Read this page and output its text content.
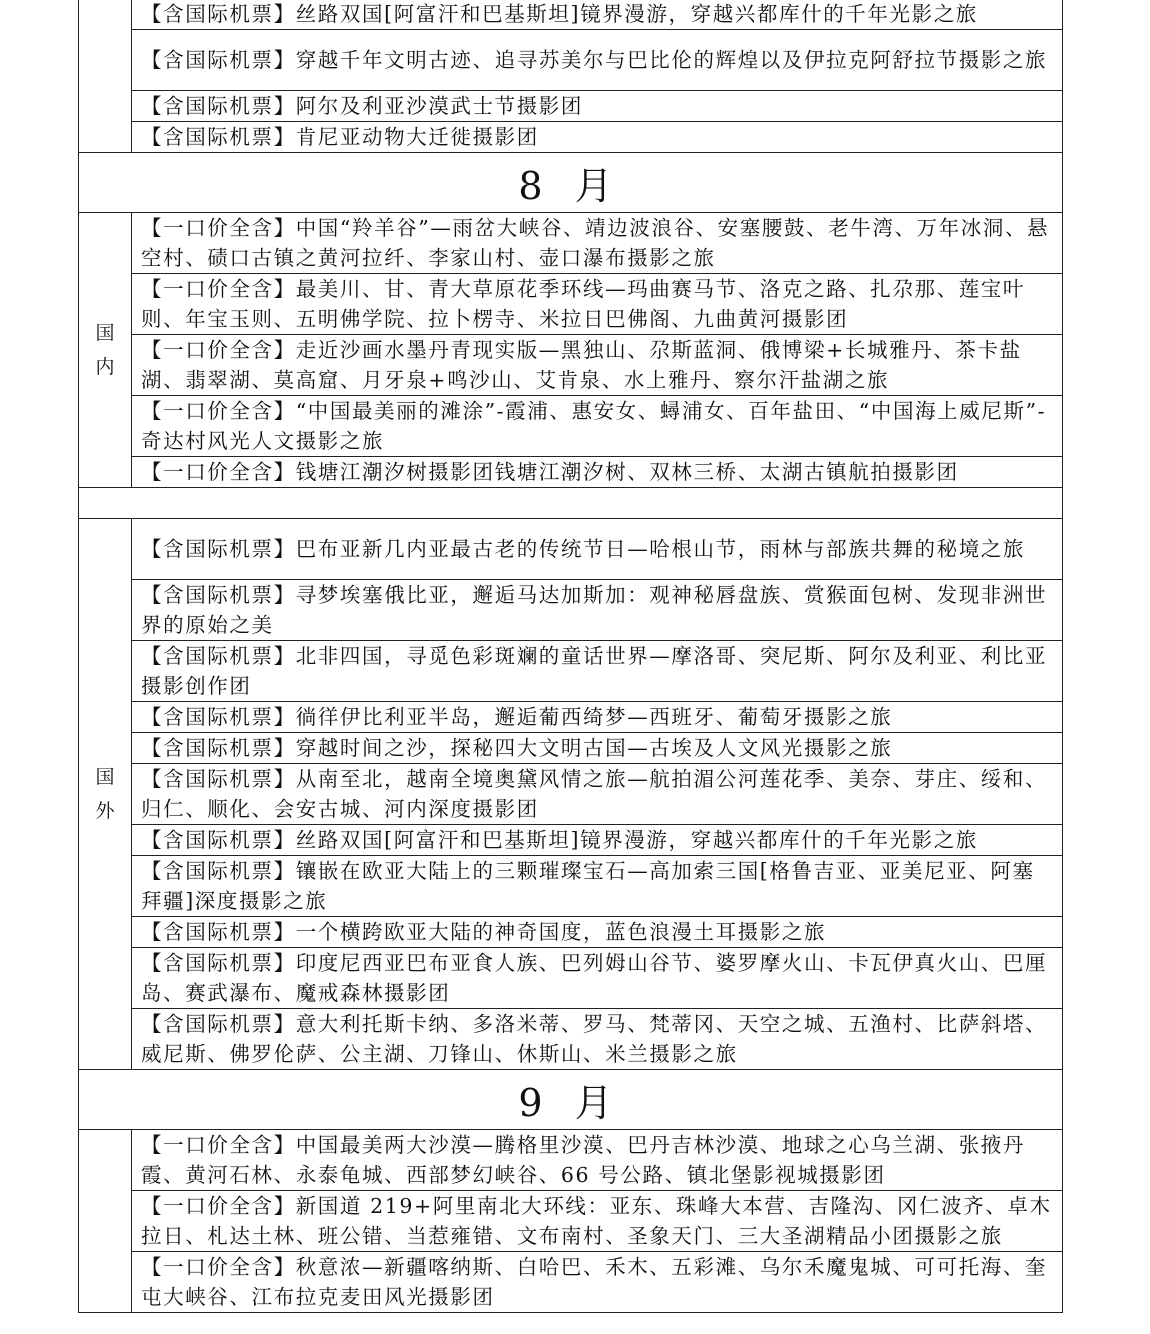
	【含国际机票】丝路双国[阿富汗和巴基斯坦]镜界漫游，穿越兴都库什的千年光影之旅
	【含国际机票】穿越千年文明古迹、追寻苏美尔与巴比伦的辉煌以及伊拉克阿舒拉节摄影之旅
	【含国际机票】阿尔及利亚沙漠武士节摄影团
	【含国际机票】肯尼亚动物大迁徙摄影团
8 月	

国
内	【一口价全含】中国“羚羊谷”—雨岔大峡谷、靖边波浪谷、安塞腰鼓、老牛湾、万年冰洞、悬空村、碛口古镇之黄河拉纤、李家山村、壶口瀑布摄影之旅
	【一口价全含】最美川、甘、青大草原花季环线—玛曲赛马节、洛克之路、扎尕那、莲宝叶则、年宝玉则、五明佛学院、拉卜楞寺、米拉日巴佛阁、九曲黄河摄影团
	【一口价全含】走近沙画水墨丹青现实版—黑独山、尕斯蓝洞、俄博梁+长城雅丹、茶卡盐湖、翡翠湖、莫高窟、月牙泉+鸣沙山、艾肯泉、水上雅丹、察尔汗盐湖之旅
	【一口价全含】“中国最美丽的滩涂”-霞浦、惠安女、蟳浦女、百年盐田、“中国海上威尼斯”-奇达村风光人文摄影之旅
	【一口价全含】钱塘江潮汐树摄影团钱塘江潮汐树、双林三桥、太湖古镇航拍摄影团

国
外	【含国际机票】巴布亚新几内亚最古老的传统节日—哈根山节，雨林与部族共舞的秘境之旅
	【含国际机票】寻梦埃塞俄比亚，邂逅马达加斯加：观神秘唇盘族、赏猴面包树、发现非洲世界的原始之美
	【含国际机票】北非四国，寻觅色彩斑斓的童话世界—摩洛哥、突尼斯、阿尔及利亚、利比亚摄影创作团
	【含国际机票】徜徉伊比利亚半岛，邂逅葡西绮梦—西班牙、葡萄牙摄影之旅
	【含国际机票】穿越时间之沙，探秘四大文明古国—古埃及人文风光摄影之旅
	【含国际机票】从南至北，越南全境奥黛风情之旅—航拍湄公河莲花季、美奈、芽庄、绥和、归仁、顺化、会安古城、河内深度摄影团
	【含国际机票】丝路双国[阿富汗和巴基斯坦]镜界漫游，穿越兴都库什的千年光影之旅
	【含国际机票】镶嵌在欧亚大陆上的三颗璀璨宝石—高加索三国[格鲁吉亚、亚美尼亚、阿塞拜疆]深度摄影之旅
	【含国际机票】一个横跨欧亚大陆的神奇国度，蓝色浪漫土耳摄影之旅
	【含国际机票】印度尼西亚巴布亚食人族、巴列姆山谷节、婆罗摩火山、卡瓦伊真火山、巴厘岛、赛武瀑布、魔戒森林摄影团
	【含国际机票】意大利托斯卡纳、多洛米蒂、罗马、梵蒂冈、天空之城、五渔村、比萨斜塔、威尼斯、佛罗伦萨、公主湖、刀锋山、休斯山、米兰摄影之旅
9 月	
	【一口价全含】中国最美两大沙漠—腾格里沙漠、巴丹吉林沙漠、地球之心乌兰湖、张掖丹霞、黄河石林、永泰龟城、西部梦幻峡谷、66 号公路、镇北堡影视城摄影团
	【一口价全含】新国道 219+阿里南北大环线：亚东、珠峰大本营、吉隆沟、冈仁波齐、卓木拉日、札达土林、班公错、当惹雍错、文布南村、圣象天门、三大圣湖精品小团摄影之旅
	【一口价全含】秋意浓—新疆喀纳斯、白哈巴、禾木、五彩滩、乌尔禾魔鬼城、可可托海、奎屯大峡谷、江布拉克麦田风光摄影团
